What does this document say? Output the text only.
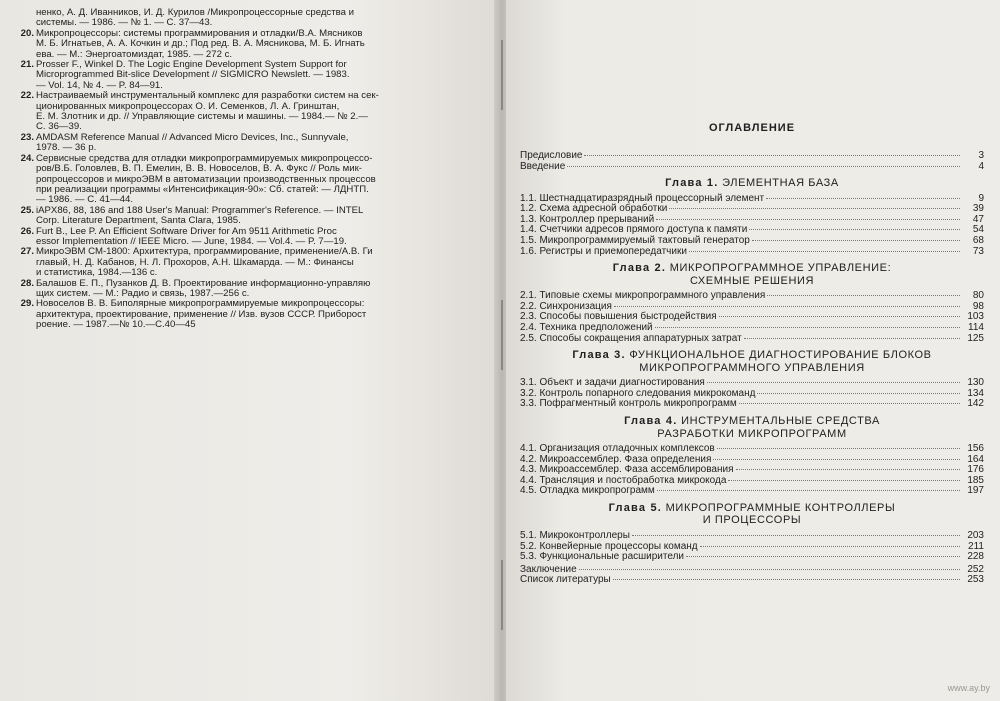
ненко, А. Д. Иванников, И. Д. Курилов /Микропроцессорные средства и
системы. — 1986. — № 1. — С. 37—43.
20. Микропроцессоры: системы программирования и отладки/В.А. Мясников
М. Б. Игнатьев, А. А. Кочкин и др.; Под ред. В. А. Мясникова, М. Б. Игнать
ева. — М.: Энергоатомиздат, 1985. — 272 с.
21. Prosser F., Winkel D. The Logic Engine Development System Support for
Microprogrammed Bit-slice Development // SIGMICRO Newslett. — 1983.
— Vol. 14, № 4. — P. 84—91.
22. Настраиваемый инструментальный комплекс для разработки систем на сек-
ционированных микропроцессорах О. И. Семенков, Л. А. Гринштан,
Е. М. Злотник и др. // Управляющие системы и машины. — 1984.— № 2.—
С. 36—39.
23. AMDASM Reference Manual // Advanced Micro Devices, Inc., Sunnyvale,
1978. — 36 р.
24. Сервисные средства для отладки микропрограммируемых микропроцессо-
ров/В.Б. Головлев, В. П. Емелин, В. В. Новоселов, В. А. Фукс // Роль мик-
ропроцессоров и микроЭВМ в автоматизации производственных процессов
при реализации программы «Интенсификация-90»: Сб. статей: — ЛДНТП.
— 1986. — С. 41—44.
25. iAPX86, 88, 186 and 188 User's Manual: Programmer's Reference. — INTEL
Corp. Literature Department, Santa Clara, 1985.
26. Furt B., Lee P. An Efficient Software Driver for Am 9511 Arithmetic Proc
essor Implementation // IEEE Micro. — June, 1984. — Vol.4. — P. 7—19.
27. МикроЭВМ СМ-1800: Архитектура, программирование, применение/А.В. Ги
главый, Н. Д. Кабанов, Н. Л. Прохоров, А.Н. Шкамарда. — М.: Финансы
и статистика, 1984.—136 с.
28. Балашов Е. П., Пузанков Д. В. Проектирование информационно-управляю
щих систем. — М.: Радио и связь, 1987.—256 с.
29. Новоселов В. В. Биполярные микропрограммируемые микропроцессоры:
архитектура, проектирование, применение // Изв. вузов СССР. Приборост
роение. — 1987.—№ 10.—С.40—45
ОГЛАВЛЕНИЕ
Предисловие	3
Введение	4
Глава 1. ЭЛЕМЕНТНАЯ БАЗА
1.1. Шестнадцатиразрядный процессорный элемент	9
1.2. Схема адресной обработки	39
1.3. Контроллер прерываний	47
1.4. Счетчики адресов прямого доступа к памяти	54
1.5. Микропрограммируемый тактовый генератор	68
1.6. Регистры и приемопередатчики	73
Глава 2. МИКРОПРОГРАММНОЕ УПРАВЛЕНИЕ:
СХЕМНЫЕ РЕШЕНИЯ
2.1. Типовые схемы микропрограммного управления	80
2.2. Синхронизация	98
2.3. Способы повышения быстродействия	103
2.4. Техника предположений	114
2.5. Способы сокращения аппаратурных затрат	125
Глава 3. ФУНКЦИОНАЛЬНОЕ ДИАГНОСТИРОВАНИЕ БЛОКОВ
МИКРОПРОГРАММНОГО УПРАВЛЕНИЯ
3.1. Объект и задачи диагностирования	130
3.2. Контроль попарного следования микрокоманд	134
3.3. Пофрагментный контроль микропрограмм	142
Глава 4. ИНСТРУМЕНТАЛЬНЫЕ СРЕДСТВА
РАЗРАБОТКИ МИКРОПРОГРАММ
4.1. Организация отладочных комплексов	156
4.2. Микроассемблер. Фаза определения	164
4.3. Микроассемблер. Фаза ассемблирования	176
4.4. Трансляция и постобработка микрокода	185
4.5. Отладка микропрограмм	197
Глава 5. МИКРОПРОГРАММНЫЕ КОНТРОЛЛЕРЫ
И ПРОЦЕССОРЫ
5.1. Микроконтроллеры	203
5.2. Конвейерные процессоры команд	211
5.3. Функциональные расширители	228
Заключение	252
Список литературы	253
www.ay.by
